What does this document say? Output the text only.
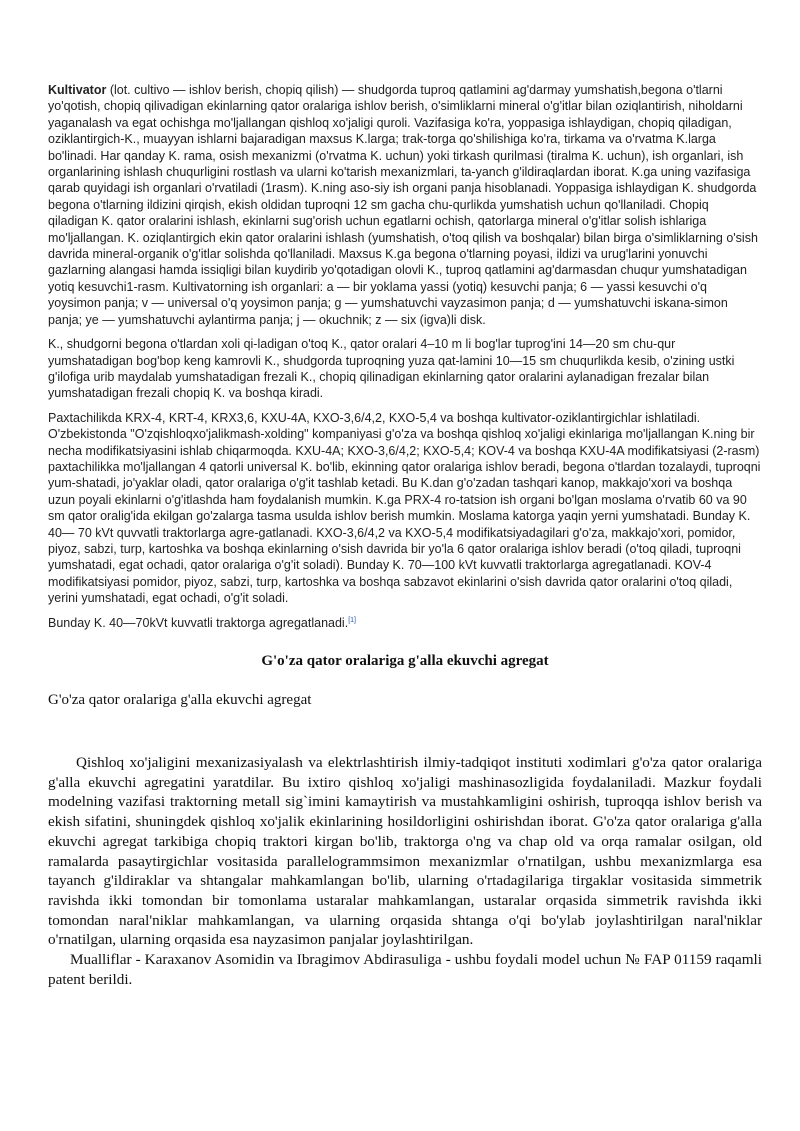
Kultivator (lot. cultivo — ishlov berish, chopiq qilish) — shudgorda tuproq qatlamini ag'darmay yumshatish,begona o'tlarni yo'qotish, chopiq qilivadigan ekinlarning qator oralariga ishlov berish, o'simliklarni mineral o'g'itlar bilan oziqlantirish, niholdarni yaganalash va egat ochishga mo'ljallangan qishloq xo'jaligi quroli. Vazifasiga ko'ra, yoppasiga ishlaydigan, chopiq qiladigan, oziklantirgich-K., muayyan ishlarni bajaradigan maxsus K.larga; trak-torga qo'shilishiga ko'ra, tirkama va o'rvatma K.larga bo'linadi. Har qanday K. rama, osish mexanizmi (o'rvatma K. uchun) yoki tirkash qurilmasi (tiralma K. uchun), ish organlari, ish organlarining ishlash chuqurligini rostlash va ularni ko'tarish mexanizmlari, ta-yanch g'ildiraqlardan iborat. K.ga uning vazifasiga qarab quyidagi ish organlari o'rvatiladi (1rasm). K.ning aso-siy ish organi panja hisoblanadi. Yoppasiga ishlaydigan K. shudgorda begona o'tlarning ildizini qirqish, ekish oldidan tuproqni 12 sm gacha chu-qurlikda yumshatish uchun qo'llaniladi. Chopiq qiladigan K. qator oralarini ishlash, ekinlarni sug'orish uchun egatlarni ochish, qatorlarga mineral o'g'itlar solish ishlariga mo'ljallangan. K. oziqlantirgich ekin qator oralarini ishlash (yumshatish, o'toq qilish va boshqalar) bilan birga o'simliklarning o'sish davrida mineral-organik o'g'itlar solishda qo'llaniladi. Maxsus K.ga begona o'tlarning poyasi, ildizi va urug'larini yonuvchi gazlarning alangasi hamda issiqligi bilan kuydirib yo'qotadigan olovli K., tuproq qatlamini ag'darmasdan chuqur yumshatadigan yotiq kesuvchi1-rasm. Kultivatorning ish organlari: a — bir yoklama yassi (yotiq) kesuvchi panja; 6 — yassi kesuvchi o'q yoysimon panja; v — universal o'q yoysimon panja; g — yumshatuvchi vayzasimon panja; d — yumshatuvchi iskana-simon panja; ye — yumshatuvchi aylantirma panja; j — okuchnik; z — six (igva)li disk.

K., shudgorni begona o'tlardan xoli qi-ladigan o'toq K., qator oralari 4–10 m li bog'lar tuprog'ini 14—20 sm chu-qur yumshatadigan bog'bop keng kamrovli K., shudgorda tuproqning yuza qat-lamini 10—15 sm chuqurlikda kesib, o'zining ustki g'ilofiga urib maydalab yumshatadigan frezali K., chopiq qilinadigan ekinlarning qator oralarini aylanadigan frezalar bilan yumshatadigan frezali chopiq K. va boshqa kiradi.

Paxtachilikda KRX-4, KRT-4, KRX3,6, KXU-4A, KXO-3,6/4,2, KXO-5,4 va boshqa kultivator-oziklantirgichlar ishlatiladi. O'zbekistonda "O'zqishloqxo'jalikmash-xolding" kompaniyasi g'o'za va boshqa qishloq xo'jaligi ekinlariga mo'ljallangan K.ning bir necha modifikatsiyasini ishlab chiqarmoqda. KXU-4A; KXO-3,6/4,2; KXO-5,4; KOV-4 va boshqa KXU-4A modifikatsiyasi (2-rasm) paxtachilikka mo'ljallangan 4 qatorli universal K. bo'lib, ekinning qator oralariga ishlov beradi, begona o'tlardan tozalaydi, tuproqni yum-shatadi, jo'yaklar oladi, qator oralariga o'g'it tashlab ketadi. Bu K.dan g'o'zadan tashqari kanop, makkajo'xori va boshqa uzun poyali ekinlarni o'g'itlashda ham foydalanish mumkin. K.ga PRX-4 ro-tatsion ish organi bo'lgan moslama o'rvatib 60 va 90 sm qator oralig'ida ekilgan go'zalarga tasma usulda ishlov berish mumkin. Moslama katorga yaqin yerni yumshatadi. Bunday K. 40— 70 kVt quvvatli traktorlarga agre-gatlanadi. KXO-3,6/4,2 va KXO-5,4 modifikatsiyadagilari g'o'za, makkajo'xori, pomidor, piyoz, sabzi, turp, kartoshka va boshqa ekinlarning o'sish davrida bir yo'la 6 qator oralariga ishlov beradi (o'toq qiladi, tuproqni yumshatadi, egat ochadi, qator oralariga o'g'it soladi). Bunday K. 70—100 kVt kuvvatli traktorlarga agregatlanadi. KOV-4 modifikatsiyasi pomidor, piyoz, sabzi, turp, kartoshka va boshqa sabzavot ekinlarini o'sish davrida qator oralarini o'toq qiladi, yerini yumshatadi, egat ochadi, o'g'it soladi.

Bunday K. 40—70kVt kuvvatli traktorga agregatlanadi.[1]

G'o'za qator oralariga g'alla ekuvchi agregat
G'o'za qator oralariga g'alla ekuvchi agregat

Qishloq xo'jaligini mexanizasiyalash va elektrlashtirish ilmiy-tadqiqot instituti xodimlari g'o'za qator oralariga g'alla ekuvchi agregatini yaratdilar. Bu ixtiro qishloq xo'jaligi mashinasozligida foydalaniladi. Mazkur foydali modelning vazifasi traktorning metall sig`imini kamaytirish va mustahkamligini oshirish, tuproqqa ishlov berish va ekish sifatini, shuningdek qishloq xo'jalik ekinlarining hosildorligini oshirishdan iborat. G'o'za qator oralariga g'alla ekuvchi agregat tarkibiga chopiq traktori kirgan bo'lib, traktorga o'ng va chap old va orqa ramalar osilgan, old ramalarda pasaytirgichlar vositasida parallelogrammsimon mexanizmlar o'rnatilgan, ushbu mexanizmlarga esa tayanch g'ildiraklar va shtangalar mahkamlangan bo'lib, ularning o'rtadagilariga tirgaklar vositasida simmetrik ravishda ikki tomondan bir tomonlama ustaralar mahkamlangan, ustaralar orqasida simmetrik ravishda ikki tomondan naral'niklar mahkamlangan, va ularning orqasida shtanga o'qi bo'ylab joylashtirilgan naral'niklar o'rnatilgan, ularning orqasida esa nayzasimon panjalar joylashtirilgan.

Mualliflar - Karaxanov Asomidin va Ibragimov Abdirasuliga - ushbu foydali model uchun № FAP 01159 raqamli patent berildi.
